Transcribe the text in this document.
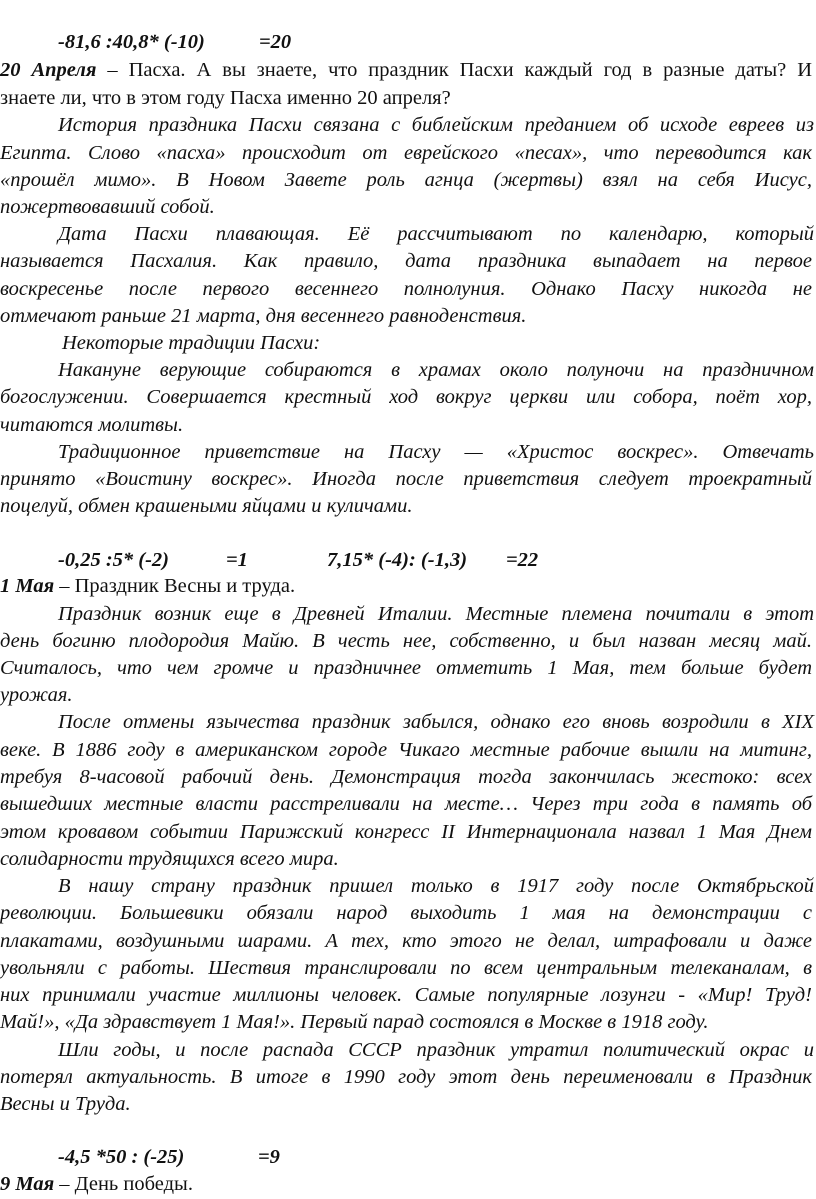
-81,6 :40,8* (-10)	=20
20 Апреля – Пасха. А вы знаете, что праздник Пасхи каждый год в разные даты? И
знаете ли, что в этом году Пасха именно 20 апреля?
История праздника Пасхи связана с библейским преданием об исходе евреев из
Египта. Слово «пасха» происходит от еврейского «песах», что переводится как
«прошёл мимо». В Новом Завете роль агнца (жертвы) взял на себя Иисус,
пожертвовавший собой.
Дата Пасхи плавающая. Её рассчитывают по календарю, который
называется Пасхалия. Как правило, дата праздника выпадает на первое
воскресенье после первого весеннего полнолуния. Однако Пасху никогда не
отмечают раньше 21 марта, дня весеннего равноденствия.
Некоторые традиции Пасхи:
Накануне верующие собираются в храмах около полуночи на праздничном
богослужении. Совершается крестный ход вокруг церкви или собора, поёт хор,
читаются молитвы.
Традиционное приветствие на Пасху — «Христос воскрес». Отвечать
принято «Воистину воскрес». Иногда после приветствия следует троекратный
поцелуй, обмен крашеными яйцами и куличами.
-0,25 :5* (-2)	=1	7,15* (-4): (-1,3) =22
1 Мая – Праздник Весны и труда.
Праздник возник еще в Древней Италии. Местные племена почитали в этот
день богиню плодородия Майю. В честь нее, собственно, и был назван месяц май.
Считалось, что чем громче и праздничнее отметить 1 Мая, тем больше будет
урожая.
После отмены язычества праздник забылся, однако его вновь возродили в XIX
веке. В 1886 году в американском городе Чикаго местные рабочие вышли на митинг,
требуя 8-часовой рабочий день. Демонстрация тогда закончилась жестоко: всех
вышедших местные власти расстреливали на месте… Через три года в память об
этом кровавом событии Парижский конгресс II Интернационала назвал 1 Мая Днем
солидарности трудящихся всего мира.
В нашу страну праздник пришел только в 1917 году после Октябрьской
революции. Большевики обязали народ выходить 1 мая на демонстрации с
плакатами, воздушными шарами. А тех, кто этого не делал, штрафовали и даже
увольняли с работы. Шествия транслировали по всем центральным телеканалам, в
них принимали участие миллионы человек. Самые популярные лозунги - «Мир! Труд!
Май!», «Да здравствует 1 Мая!». Первый парад состоялся в Москве в 1918 году.
Шли годы, и после распада СССР праздник утратил политический окрас и
потерял актуальность. В итоге в 1990 году этот день переименовали в Праздник
Весны и Труда.
-4,5 *50 : (-25)	=9
9 Мая – День победы.
